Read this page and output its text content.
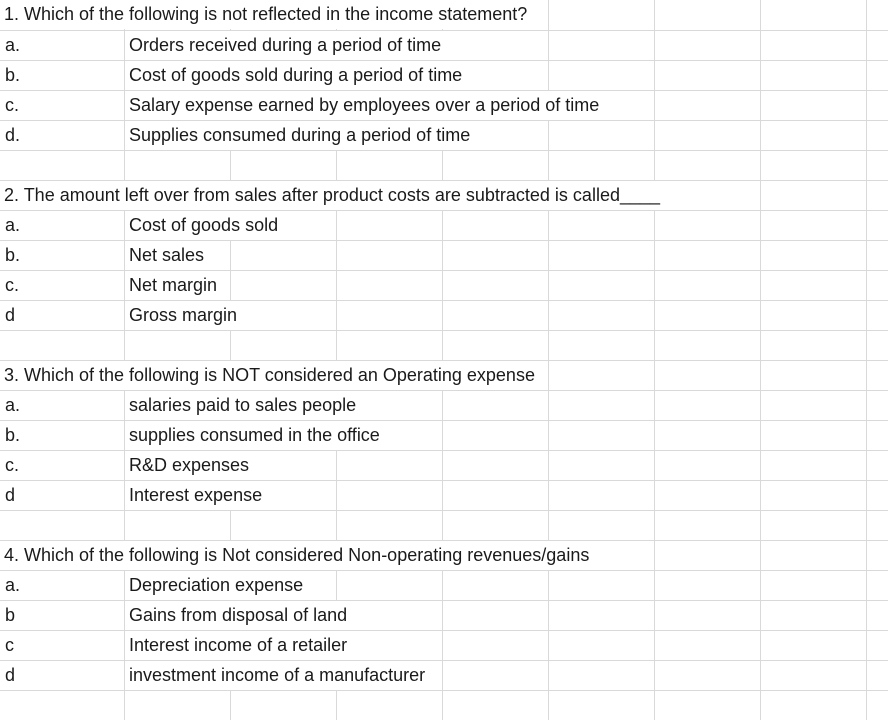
1. Which of the following is not reflected in the income statement?
a.	Orders received during a period of time
b.	Cost of goods sold during a period of time
c.	Salary expense earned by employees over a period of time
d.	Supplies consumed during a period of time
2. The amount left over from sales after product costs are subtracted is called____
a.	Cost of goods sold
b.	Net sales
c.	Net margin
d	Gross margin
3. Which of the following is NOT considered an Operating expense
a.	salaries paid to sales people
b.	supplies consumed in the office
c.	R&D expenses
d	Interest expense
4. Which of the following is Not considered Non-operating revenues/gains
a.	Depreciation expense
b	Gains from disposal of land
c	Interest income of a retailer
d	investment income of a manufacturer
